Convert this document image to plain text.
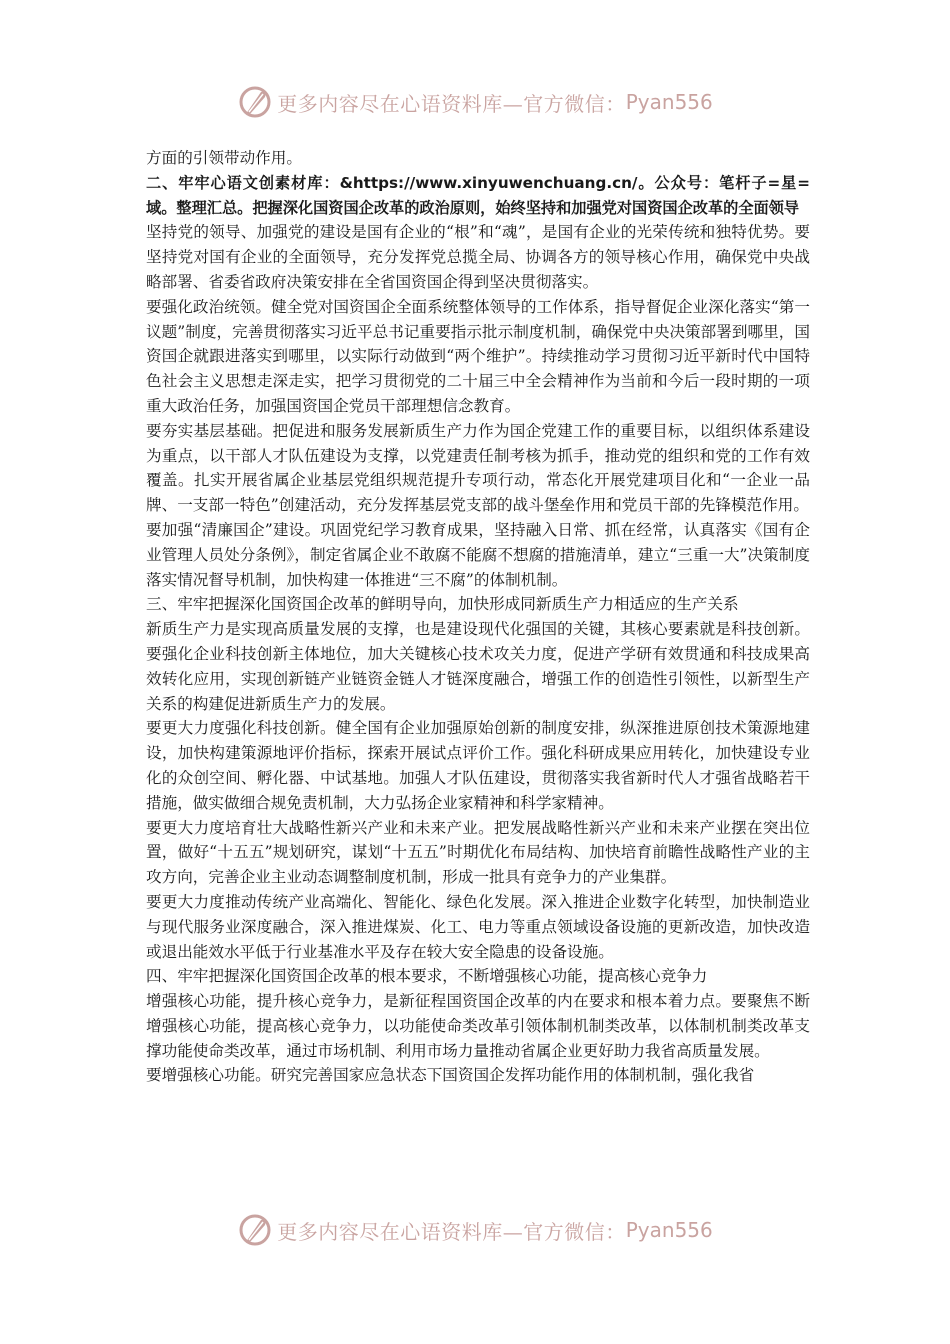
更多内容尽在心语资料库—官方微信： Pyan556

方面的引领带动作用。

二、牢牢心语文创素材库：&https://www.xinyuwenchuang.cn/。公众号：笔杆子=星=域。整理汇总。把握深化国资国企改革的政治原则，始终坚持和加强党对国资国企改革的全面领导

坚持党的领导、加强党的建设是国有企业的“根”和“魂”，是国有企业的光荣传统和独特优势。要坚持党对国有企业的全面领导，充分发挥党总揽全局、协调各方的领导核心作用，确保党中央战略部署、省委省政府决策安排在全省国资国企得到坚决贯彻落实。

要强化政治统领。健全党对国资国企全面系统整体领导的工作体系，指导督促企业深化落实“第一议题”制度，完善贯彻落实习近平总书记重要指示批示制度机制，确保党中央决策部署到哪里，国资国企就跟进落实到哪里，以实际行动做到“两个维护”。持续推动学习贯彻习近平新时代中国特色社会主义思想走深走实，把学习贯彻党的二十届三中全会精神作为当前和今后一段时期的一项重大政治任务，加强国资国企党员干部理想信念教育。

要夯实基层基础。把促进和服务发展新质生产力作为国企党建工作的重要目标，以组织体系建设为重点，以干部人才队伍建设为支撑，以党建责任制考核为抓手，推动党的组织和党的工作有效覆盖。扎实开展省属企业基层党组织规范提升专项行动，常态化开展党建项目化和“一企业一品牌、一支部一特色”创建活动，充分发挥基层党支部的战斗堡垒作用和党员干部的先锋模范作用。

要加强“清廉国企”建设。巩固党纪学习教育成果，坚持融入日常、抓在经常，认真落实《国有企业管理人员处分条例》，制定省属企业不敢腐不能腐不想腐的措施清单，建立“三重一大”决策制度落实情况督导机制，加快构建一体推进“三不腐”的体制机制。

三、牢牢把握深化国资国企改革的鲜明导向，加快形成同新质生产力相适应的生产关系

新质生产力是实现高质量发展的支撑，也是建设现代化强国的关键，其核心要素就是科技创新。要强化企业科技创新主体地位，加大关键核心技术攻关力度，促进产学研有效贯通和科技成果高效转化应用，实现创新链产业链资金链人才链深度融合，增强工作的创造性引领性，以新型生产关系的构建促进新质生产力的发展。

要更大力度强化科技创新。健全国有企业加强原始创新的制度安排，纵深推进原创技术策源地建设，加快构建策源地评价指标，探索开展试点评价工作。强化科研成果应用转化，加快建设专业化的众创空间、孵化器、中试基地。加强人才队伍建设，贯彻落实我省新时代人才强省战略若干措施，做实做细合规免责机制，大力弘扬企业家精神和科学家精神。

要更大力度培育壮大战略性新兴产业和未来产业。把发展战略性新兴产业和未来产业摆在突出位置，做好“十五五”规划研究，谋划“十五五”时期优化布局结构、加快培育前瞻性战略性产业的主攻方向，完善企业主业动态调整制度机制，形成一批具有竞争力的产业集群。

要更大力度推动传统产业高端化、智能化、绿色化发展。深入推进企业数字化转型，加快制造业与现代服务业深度融合，深入推进煤炭、化工、电力等重点领域设备设施的更新改造，加快改造或退出能效水平低于行业基准水平及存在较大安全隐患的设备设施。

四、牢牢把握深化国资国企改革的根本要求，不断增强核心功能，提高核心竞争力

增强核心功能，提升核心竞争力，是新征程国资国企改革的内在要求和根本着力点。要聚焦不断增强核心功能，提高核心竞争力，以功能使命类改革引领体制机制类改革，以体制机制类改革支撑功能使命类改革，通过市场机制、利用市场力量推动省属企业更好助力我省高质量发展。

要增强核心功能。研究完善国家应急状态下国资国企发挥功能作用的体制机制，强化我省

更多内容尽在心语资料库—官方微信： Pyan556
